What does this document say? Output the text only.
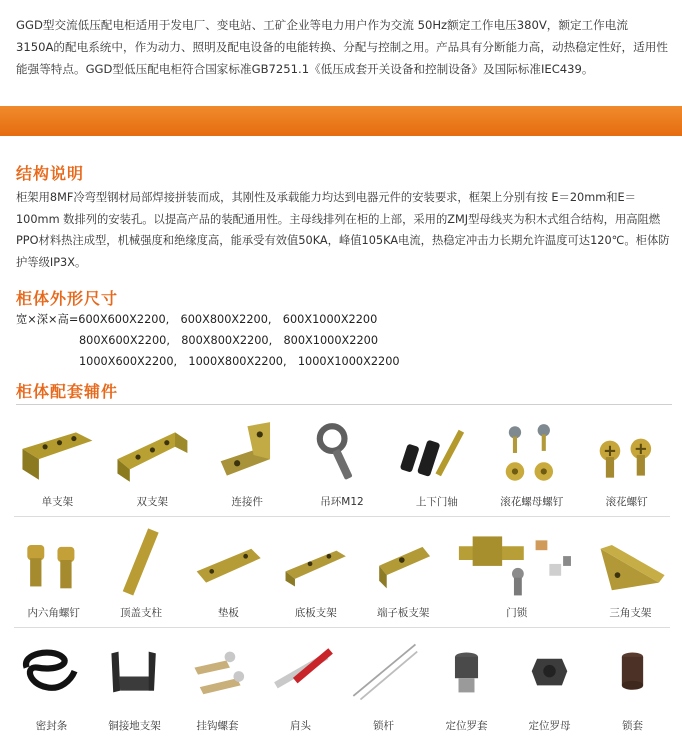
GGD型交流低压配电柜适用于发电厂、变电站、工矿企业等电力用户作为交流 50Hz额定工作电压380V，额定工作电流 3150A的配电系统中，作为动力、照明及配电设备的电能转换、分配与控制之用。产品具有分断能力高，动热稳定性好，适用性能强等特点。GGD型低压配电柜符合国家标准GB7251.1《低压成套开关设备和控制设备》及国际标准IEC439。
结构说明
柜架用8MF冷弯型钢材局部焊接拼装而成，其刚性及承载能力均达到电器元件的安装要求，框架上分别有按 E＝20mm和E＝100mm 数排列的安装孔。以提高产品的装配通用性。主母线排列在柜的上部，采用的ZMJ型母线夹为积木式组合结构，用高阻燃PPO材料热注成型，机械强度和绝缘度高，能承受有效值50KA，峰值105KA电流，热稳定冲击力长期允许温度可达120℃。柜体防护等级IP3X。
柜体外形尺寸
宽×深×高=600X600X2200,　600X800X2200,　600X1000X2200
800X600X2200,　800X800X2200,　800X1000X2200
1000X600X2200,　1000X800X2200,　1000X1000X2200
柜体配套辅件
单支架	双支架	连接件	吊环M12	上下门轴	滚花螺母螺钉	滚花螺钉
内六角螺钉	顶盖支柱	垫板	底板支架	端子板支架	门锁	三角支架
密封条	铜接地支架	挂钩螺套	肩头	锁杆	定位罗套	定位罗母	锁套
